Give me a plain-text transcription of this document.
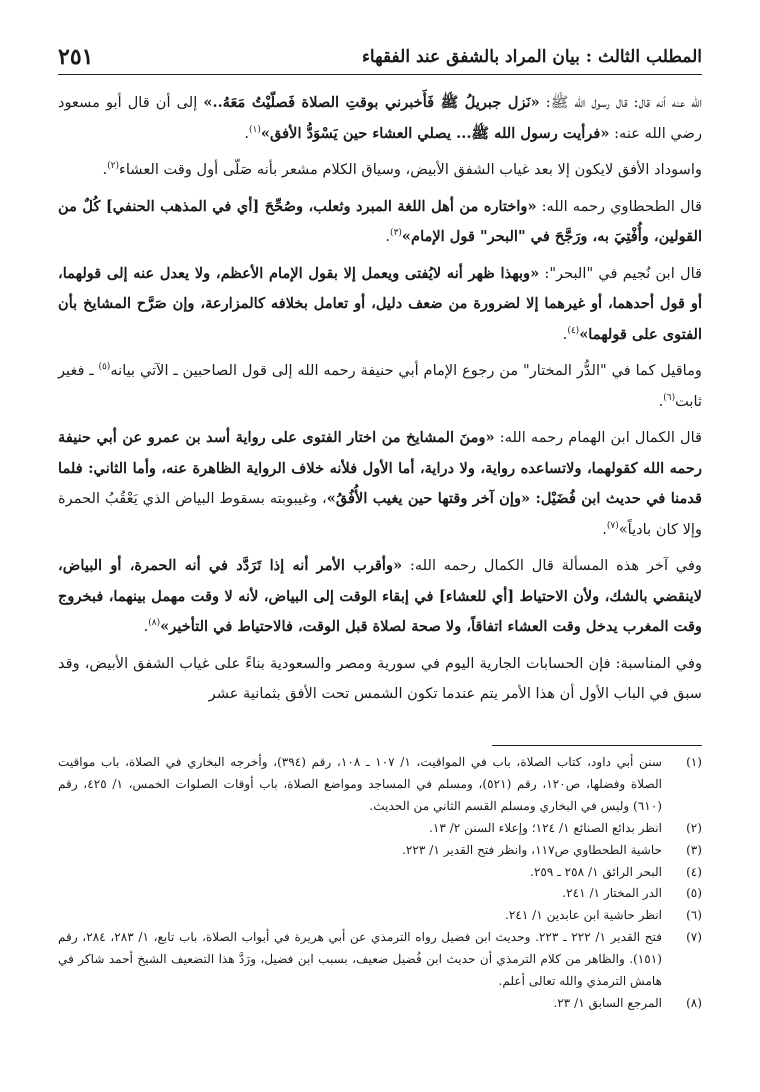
المطلب الثالث : بيان المراد بالشفق عند الفقهاء
٢٥١

الله عنه أنه قال: قال رسول الله ﷺ: «نَزل جبريلُ ﷺ فَأَخبرني بوقتِ الصلاة فَصلّيْتُ مَعَهُ..» إلى أن قال أبو مسعود رضي الله عنه: «فرأيت رسول الله ﷺ... يصلي العشاء حين يَسْوَدُّ الأفق»$^{(١)}$.

واسوداد الأفق لايكون إلا بعد غياب الشفق الأبيض، وسياق الكلام مشعر بأنه صَلّى أول وقت العشاء$^{(٢)}$.

قال الطحطاوي رحمه الله: «واختاره من أهل اللغة المبرد وثعلب، وصُحِّحَ [أي في المذهب الحنفي] كُلٌ من القولين، وأُفْتِيَ به، ورَجَّحَ في "البحر" قول الإمام»$^{(٣)}$.

قال ابن نُجيم في "البحر": «وبهذا ظهر أنه لايُفتى ويعمل إلا بقول الإمام الأعظم، ولا يعدل عنه إلى قولهما، أو قول أحدهما، أو غيرهما إلا لضرورة من ضعف دليل، أو تعامل بخلافه كالمزارعة، وإن صَرَّح المشايخ بأن الفتوى على قولهما»$^{(٤)}$.

وماقيل كما في "الدُّر المختار" من رجوع الإمام أبي حنيفة رحمه الله إلى قول الصاحبين ـ الآتي بيانه$^{(٥)}$ ـ فغير ثابت$^{(٦)}$.

قال الكمال ابن الهمام رحمه الله: «ومنَ المشايخ من اختار الفتوى على رواية أسد بن عمرو عن أبي حنيفة رحمه الله كقولهما، ولاتساعده رواية، ولا دراية، أما الأول فلأنه خلاف الرواية الظاهرة عنه، وأما الثاني: فلما قدمنا في حديث ابن فُضَيْل: «وإن آخر وقتها حين يغيب الأُفُقُ»، وغيبوبته بسقوط البياض الذي يَعْقُبُ الحمرة وإلا كان بادياً»$^{(٧)}$.

وفي آخر هذه المسألة قال الكمال رحمه الله: «وأقرب الأمر أنه إذا تَرَدَّد في أنه الحمرة، أو البياض، لاينقضي بالشك، ولأن الاحتياط [أي للعشاء] في إبقاء الوقت إلى البياض، لأنه لا وقت مهمل بينهما، فبخروج وقت المغرب يدخل وقت العشاء اتفاقاً، ولا صحة لصلاة قبل الوقت، فالاحتياط في التأخير»$^{(٨)}$.

وفي المناسبة: فإن الحسابات الجارية اليوم في سورية ومصر والسعودية بناءً على غياب الشفق الأبيض، وقد سبق في الباب الأول أن هذا الأمر يتم عندما تكون الشمس تحت الأفق بثمانية عشر

(١)
سنن أبي داود، كتاب الصلاة، باب في المواقيت، ١/ ١٠٧ ـ ١٠٨، رقم (٣٩٤)، وأخرجه البخاري في الصلاة، باب مواقيت الصلاة وفضلها، ص١٢٠، رقم (٥٢١)، ومسلم في المساجد ومواضع الصلاة، باب أوقات الصلوات الخمس، ١/ ٤٢٥، رقم (٦١٠) وليس في البخاري ومسلم القسم الثاني من الحديث.
(٢)
انظر بدائع الصنائع ١/ ١٢٤؛ وإعلاء السنن ٢/ ١٣.
(٣)
حاشية الطحطاوي ص١١٧، وانظر فتح القدير ١/ ٢٢٣.
(٤)
البحر الرائق ١/ ٢٥٨ ـ ٢٥٩.
(٥)
الدر المختار ١/ ٢٤١.
(٦)
انظر حاشية ابن عابدين ١/ ٢٤١.
(٧)
فتح القدير ١/ ٢٢٢ ـ ٢٢٣. وحديث ابن فضيل رواه الترمذي عن أبي هريرة في أبواب الصلاة، باب تابع، ١/ ٢٨٣، ٢٨٤، رقم (١٥١). والظاهر من كلام الترمذي أن حديث ابن فُضيل ضعيف، بسبب ابن فضيل، ورَدَّ هذا التضعيف الشيخ أحمد شاكر في هامش الترمذي والله تعالى أعلم.
(٨)
المرجع السابق ١/ ٢٣.
